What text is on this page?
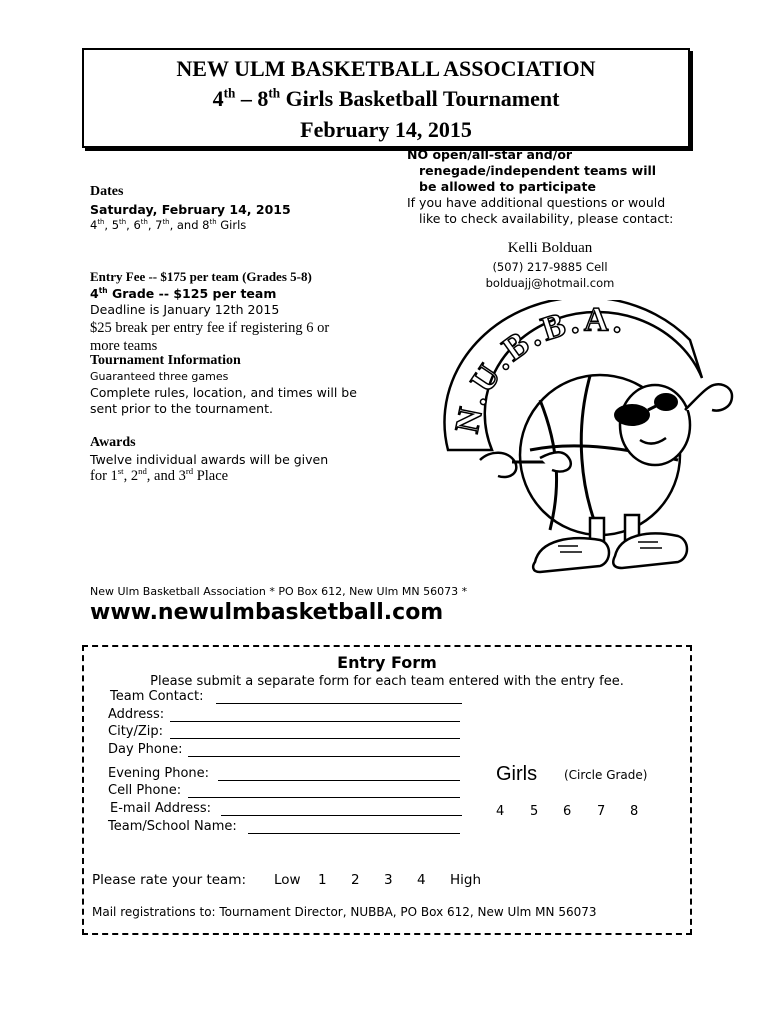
NEW ULM BASKETBALL ASSOCIATION
4th – 8th Girls Basketball Tournament
February 14, 2015
NO open/all-star and/or
renegade/independent teams will
be allowed to participate
If you have additional questions or would
like to check availability, please contact:
Kelli Bolduan
(507) 217-9885 Cell
bolduajj@hotmail.com
Dates
Saturday, February 14, 2015
4th, 5th, 6th, 7th, and 8th Girls
Entry Fee -- $175 per team (Grades 5-8)
4th Grade -- $125 per team
Deadline is January 12th 2015
$25 break per entry fee if registering 6 or more teams
Tournament Information
Guaranteed three games
Complete rules, location, and times will be sent prior to the tournament.
Awards
Twelve individual awards will be given
for 1st, 2nd, and 3rd Place
N.U.B.B.A.
New Ulm Basketball Association * PO Box 612, New Ulm MN 56073 *
www.newulmbasketball.com
Entry Form
Please submit a separate form for each team entered with the entry fee.
Team Contact:
Address:
City/Zip:
Day Phone:
Evening Phone:
Cell Phone:
E-mail Address:
Team/School Name:
Girls (Circle Grade)
4 5 6 7 8
Please rate your team: Low 1 2 3 4 High
Mail registrations to: Tournament Director, NUBBA, PO Box 612, New Ulm MN 56073
